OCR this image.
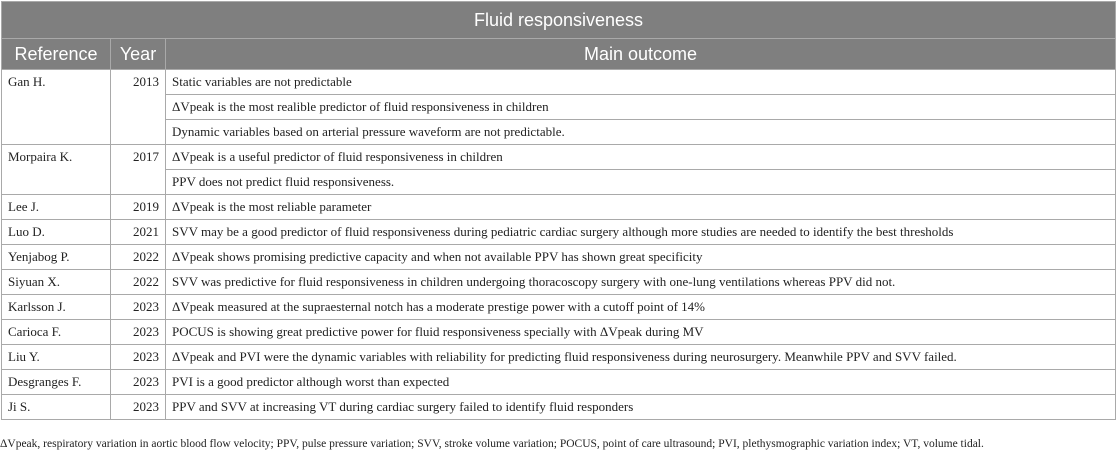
Fluid responsiveness		
Reference	Year	Main outcome
Gan H.	2013	Static variables are not predictable
		ΔVpeak is the most realible predictor of fluid responsiveness in children
		Dynamic variables based on arterial pressure waveform are not predictable.
Morpaira K.	2017	ΔVpeak is a useful predictor of fluid responsiveness in children
		PPV does not predict fluid responsiveness.
Lee J.	2019	ΔVpeak is the most reliable parameter
Luo D.	2021	SVV may be a good predictor of fluid responsiveness during pediatric cardiac surgery although more studies are needed to identify the best thresholds
Yenjabog P.	2022	ΔVpeak shows promising predictive capacity and when not available PPV has shown great specificity
Siyuan X.	2022	SVV was predictive for fluid responsiveness in children undergoing thoracoscopy surgery with one-lung ventilations whereas PPV did not.
Karlsson J.	2023	ΔVpeak measured at the supraesternal notch has a moderate prestige power with a cutoff point of 14%
Carioca F.	2023	POCUS is showing great predictive power for fluid responsiveness specially with ΔVpeak during MV
Liu Y.	2023	ΔVpeak and PVI were the dynamic variables with reliability for predicting fluid responsiveness during neurosurgery. Meanwhile PPV and SVV failed.
Desgranges F.	2023	PVI is a good predictor although worst than expected
Ji S.	2023	PPV and SVV at increasing VT during cardiac surgery failed to identify fluid responders
ΔVpeak, respiratory variation in aortic blood flow velocity; PPV, pulse pressure variation; SVV, stroke volume variation; POCUS, point of care ultrasound; PVI, plethysmographic variation index; VT, volume tidal.
